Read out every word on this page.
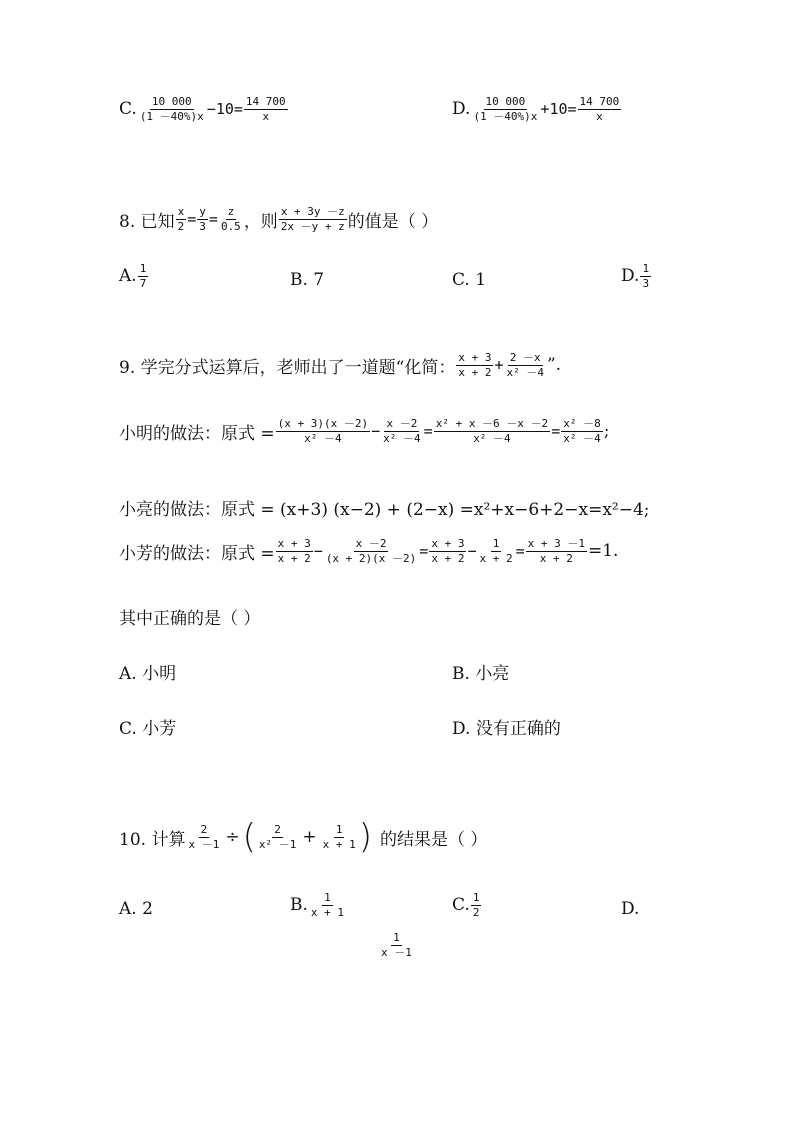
C. $\frac{10 000}{(1 -40\%)x} -10= \frac{14 700}{x}$	D. $\frac{10 000}{(1 -40\%)x} +10= \frac{14 700}{x}$
8. 已知 $\frac{x}{2} = \frac{y}{3} = \frac{z}{0.5}$ ，则 $\frac{x + 3y -z}{2x -y + z}$ 的值是（ ）
A. $\frac{1}{7}$	B. 7	C. 1	D. $\frac{1}{3}$
9. 学完分式运算后，老师出了一道题“化简： $\frac{x + 3}{x + 2} + \frac{2 -x}{\text{x² －4}}$ ”.
小明的做法：原式 = $\frac{(x + 3)(x -2)}{\text{x² －4}} - \frac{x -2}{\text{x² －4}} = \frac{\text{x² + x －6 －x －2}}{\text{x² －4}} = \frac{\text{x² －8}}{\text{x² －4}}$ ;
小亮的做法：原式 = (x+3) (x−2) + (2−x) =x²+x−6+2−x=x²−4;
小芳的做法：原式 = $\frac{x + 3}{x + 2} - \frac{x -2}{(x + 2)(x -2)} = \frac{x + 3}{x + 2} - \frac{1}{x + 2} = \frac{x + 3 -1}{x + 2} =1$.
其中正确的是（ ）
A. 小明	B. 小亮
C. 小芳	D. 没有正确的
10. 计算 $\frac{2}{x -1}$ ÷ ( $\frac{2}{\text{x² －1}} + \frac{1}{x + 1}$ ) 的结果是（ ）
A. 2	B. $\frac{1}{x + 1}$	C. $\frac{1}{2}$	D.
$\frac{1}{x -1}$
